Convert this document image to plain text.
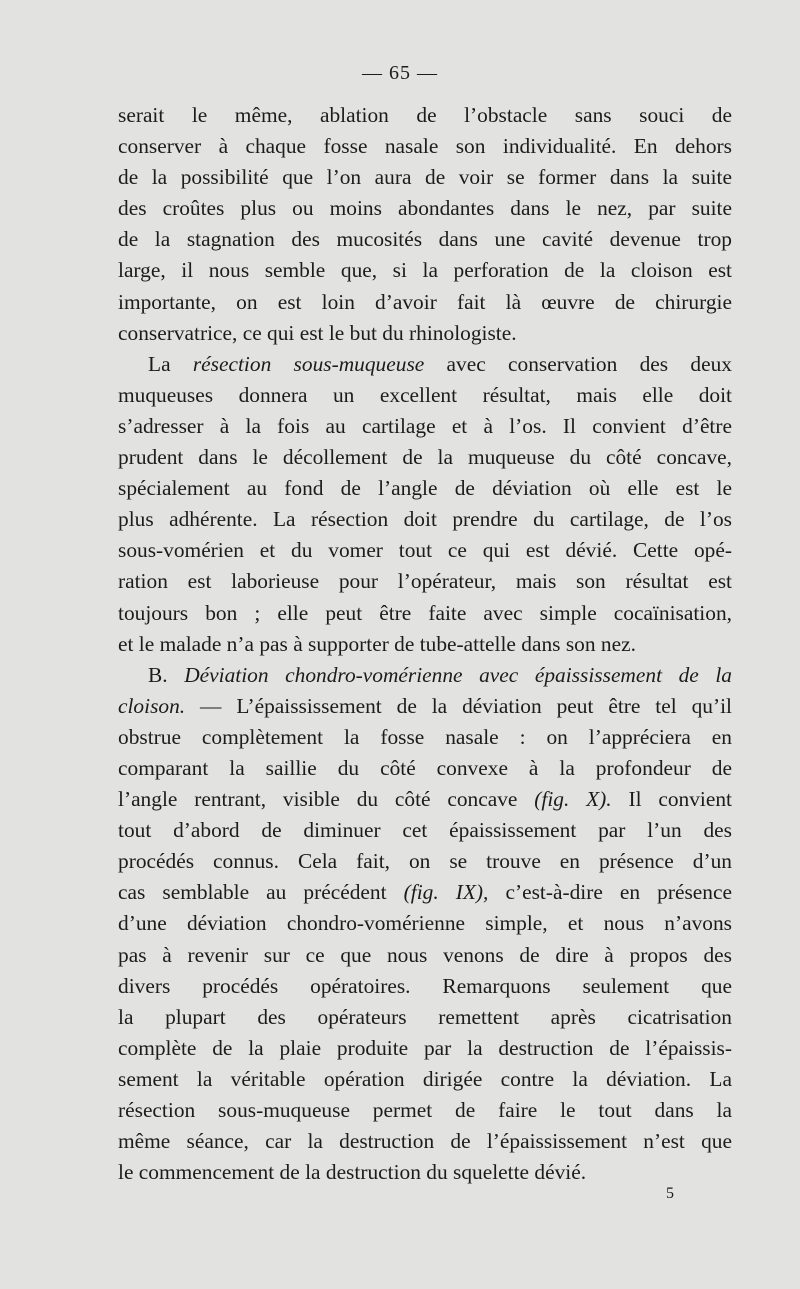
— 65 —

serait le même, ablation de l’obstacle sans souci de
conserver à chaque fosse nasale son individualité. En dehors
de la possibilité que l’on aura de voir se former dans la suite
des croûtes plus ou moins abondantes dans le nez, par suite
de la stagnation des mucosités dans une cavité devenue trop
large, il nous semble que, si la perforation de la cloison est
importante, on est loin d’avoir fait là œuvre de chirurgie
conservatrice, ce qui est le but du rhinologiste.

La résection sous-muqueuse avec conservation des deux
muqueuses donnera un excellent résultat, mais elle doit
s’adresser à la fois au cartilage et à l’os. Il convient d’être
prudent dans le décollement de la muqueuse du côté concave,
spécialement au fond de l’angle de déviation où elle est le
plus adhérente. La résection doit prendre du cartilage, de l’os
sous-vomérien et du vomer tout ce qui est dévié. Cette opé-
ration est laborieuse pour l’opérateur, mais son résultat est
toujours bon ; elle peut être faite avec simple cocaïnisation,
et le malade n’a pas à supporter de tube-attelle dans son nez.

B. Déviation chondro-vomérienne avec épaississement de la
cloison. — L’épaississement de la déviation peut être tel qu’il
obstrue complètement la fosse nasale : on l’appréciera en
comparant la saillie du côté convexe à la profondeur de
l’angle rentrant, visible du côté concave (fig. X). Il convient
tout d’abord de diminuer cet épaississement par l’un des
procédés connus. Cela fait, on se trouve en présence d’un
cas semblable au précédent (fig. IX), c’est-à-dire en présence
d’une déviation chondro-vomérienne simple, et nous n’avons
pas à revenir sur ce que nous venons de dire à propos des
divers procédés opératoires. Remarquons seulement que
la plupart des opérateurs remettent après cicatrisation
complète de la plaie produite par la destruction de l’épaissis-
sement la véritable opération dirigée contre la déviation. La
résection sous-muqueuse permet de faire le tout dans la
même séance, car la destruction de l’épaississement n’est que
le commencement de la destruction du squelette dévié.

5
